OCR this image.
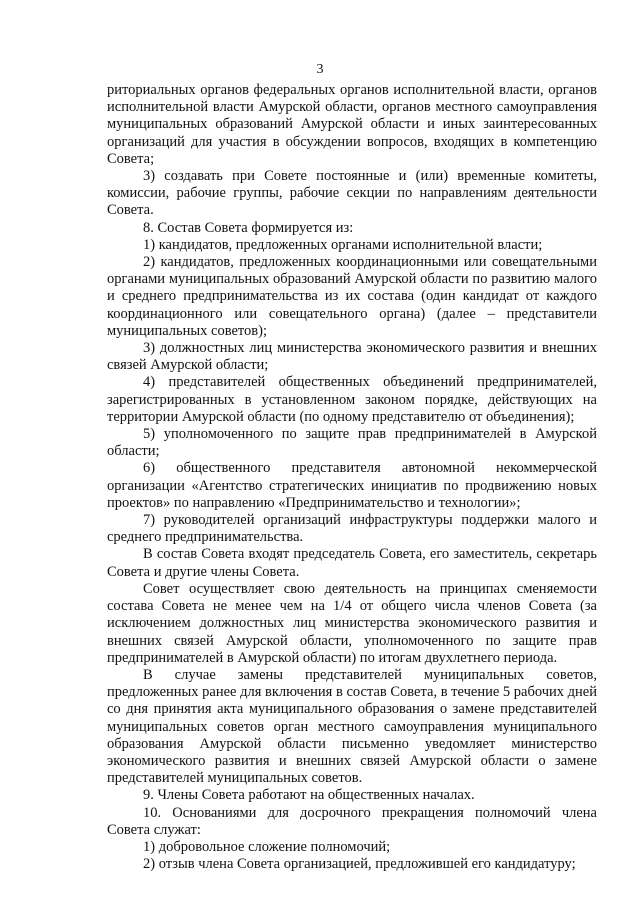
3

риториальных органов федеральных органов исполнительной власти, органов исполнительной власти Амурской области, органов местного самоуправления муниципальных образований Амурской области и иных заинтересованных организаций для участия в обсуждении вопросов, входящих в компетенцию Совета;

3) создавать при Совете постоянные и (или) временные комитеты, комиссии, рабочие группы, рабочие секции по направлениям деятельности Совета.

8. Состав Совета формируется из:

1) кандидатов, предложенных органами исполнительной власти;

2) кандидатов, предложенных координационными или совещательными органами муниципальных образований Амурской области по развитию малого и среднего предпринимательства из их состава (один кандидат от каждого координационного или совещательного органа) (далее – представители муниципальных советов);

3) должностных лиц министерства экономического развития и внешних связей Амурской области;

4) представителей общественных объединений предпринимателей, зарегистрированных в установленном законом порядке, действующих на территории Амурской области (по одному представителю от объединения);

5) уполномоченного по защите прав предпринимателей в Амурской области;

6) общественного представителя автономной некоммерческой организации «Агентство стратегических инициатив по продвижению новых проектов» по направлению «Предпринимательство и технологии»;

7) руководителей организаций инфраструктуры поддержки малого и среднего предпринимательства.

В состав Совета входят председатель Совета, его заместитель, секретарь Совета и другие члены Совета.

Совет осуществляет свою деятельность на принципах сменяемости состава Совета не менее чем на 1/4 от общего числа членов Совета (за исключением должностных лиц министерства экономического развития и внешних связей Амурской области, уполномоченного по защите прав предпринимателей в Амурской области) по итогам двухлетнего периода.

В случае замены представителей муниципальных советов, предложенных ранее для включения в состав Совета, в течение 5 рабочих дней со дня принятия акта муниципального образования о замене представителей муниципальных советов орган местного самоуправления муниципального образования Амурской области письменно уведомляет министерство экономического развития и внешних связей Амурской области о замене представителей муниципальных советов.

9. Члены Совета работают на общественных началах.

10. Основаниями для досрочного прекращения полномочий члена Совета служат:

1) добровольное сложение полномочий;

2) отзыв члена Совета организацией, предложившей его кандидатуру;
